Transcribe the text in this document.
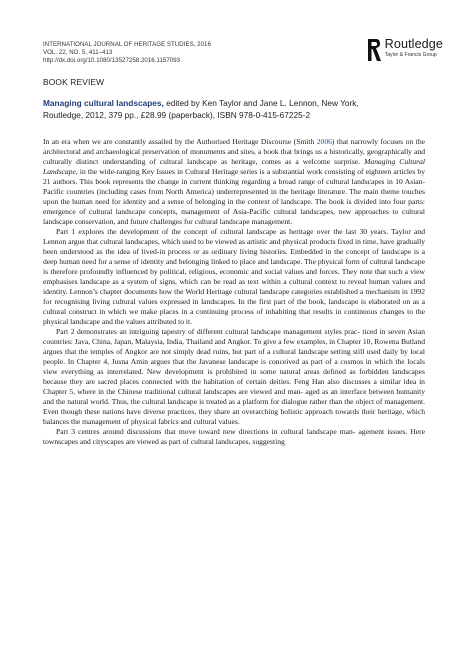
INTERNATIONAL JOURNAL OF HERITAGE STUDIES, 2016
VOL. 22, NO. 5, 411–413
http://dx.doi.org/10.1080/13527258.2016.1157093
Routledge
Taylor & Francis Group
BOOK REVIEW
Managing cultural landscapes, edited by Ken Taylor and Jane L. Lennon, New York,
Routledge, 2012, 379 pp., £28.99 (paperback), ISBN 978-0-415-67225-2

In an era when we are constantly assailed by the Authorised Heritage Discourse (Smith 2006) that narrowly focuses on the architectural and archaeological preservation of monuments and sites, a book that brings us a historically, geographically and culturally distinct understanding of cultural landscape as heritage, comes as a welcome surprise. Managing Cultural Landscape, in the wide-ranging Key Issues in Cultural Heritage series is a substantial work consisting of eighteen articles by 21 authors. This book represents the change in current thinking regarding a broad range of cultural landscapes in 10 Asian-Pacific countries (including cases from North America) underrepresented in the heritage literature. The main theme touches upon the human need for identity and a sense of belonging in the context of landscape. The book is divided into four parts: emergence of cultural landscape concepts, management of Asia-Pacific cultural landscapes, new approaches to cultural landscape conservation, and future challenges for cultural landscape management.

Part 1 explores the development of the concept of cultural landscape as heritage over the last 30 years. Taylor and Lennon argue that cultural landscapes, which used to be viewed as artistic and physical products fixed in time, have gradually been understood as the idea of lived-in process or as ordinary living histories. Embedded in the concept of landscape is a deep human need for a sense of identity and belonging linked to place and landscape. The physical form of cultural landscape is therefore profoundly influenced by political, religious, economic and social values and forces. They note that such a view emphasises landscape as a system of signs, which can be read as text within a cultural context to reveal human values and identity. Lennon’s chapter documents how the World Heritage cultural landscape categories established a mechanism in 1992 for recognising living cultural values expressed in landscapes. In the first part of the book, landscape is elaborated on as a cultural construct in which we make places in a continuing process of inhabiting that results in continuous changes to the physical landscape and the values attributed to it.

Part 2 demonstrates an intriguing tapestry of different cultural landscape management styles prac- ticed in seven Asian countries: Java, China, Japan, Malaysia, India, Thailand and Angkor. To give a few examples, in Chapter 10, Rowena Butland argues that the temples of Angkor are not simply dead ruins, but part of a cultural landscape setting still used daily by local people. In Chapter 4, Jusna Amin argues that the Javanese landscape is conceived as part of a cosmos in which the locals view everything as interrelated. New development is prohibited in some natural areas defined as forbidden landscapes because they are sacred places connected with the habitation of certain deities. Feng Han also discusses a similar idea in Chapter 5, where in the Chinese traditional cultural landscapes are viewed and man- aged as an interface between humanity and the natural world. Thus, the cultural landscape is treated as a platform for dialogue rather than the object of management. Even though these nations have diverse practices, they share an overarching holistic approach towards their heritage, which balances the management of physical fabrics and cultural values.

Part 3 centres around discussions that move toward new directions in cultural landscape man- agement issues. Here townscapes and cityscapes are viewed as part of cultural landscapes, suggesting
